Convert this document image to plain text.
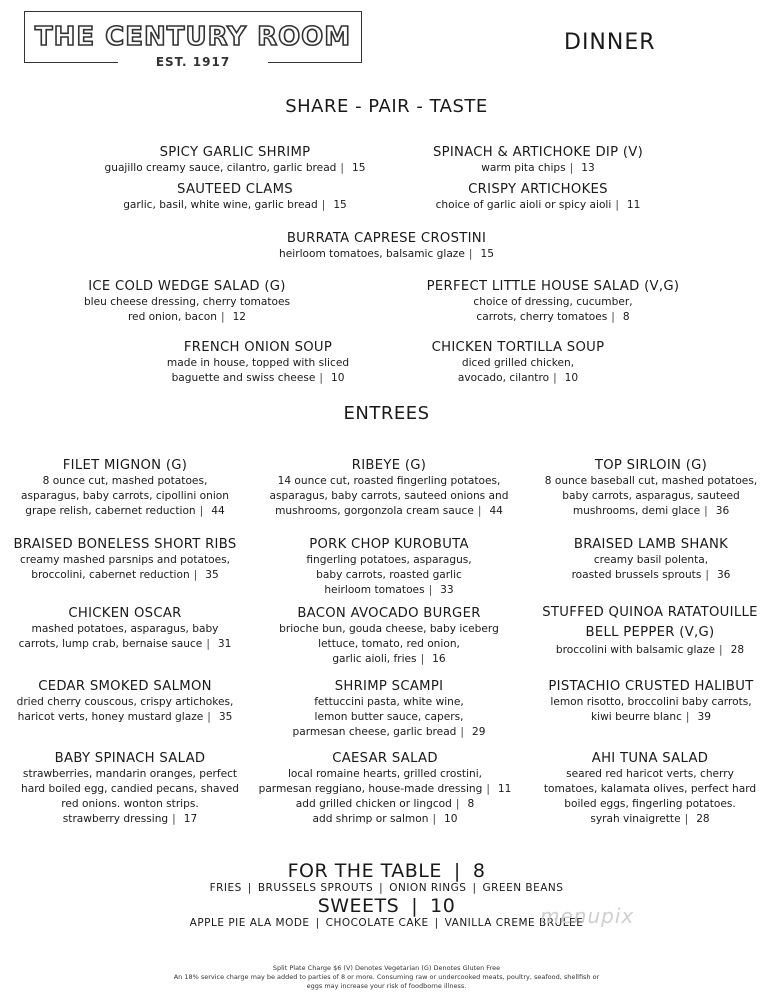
THE CENTURY ROOM
EST. 1917
DINNER
SHARE - PAIR - TASTE
SPICY GARLIC SHRIMP
guajillo creamy sauce, cilantro, garlic bread | 15
SPINACH & ARTICHOKE DIP (V)
warm pita chips | 13
SAUTEED CLAMS
garlic, basil, white wine, garlic bread | 15
CRISPY ARTICHOKES
choice of garlic aioli or spicy aioli | 11
BURRATA CAPRESE CROSTINI
heirloom tomatoes, balsamic glaze | 15
ICE COLD WEDGE SALAD (G)
bleu cheese dressing, cherry tomatoes
red onion, bacon | 12
PERFECT LITTLE HOUSE SALAD (V,G)
choice of dressing, cucumber,
carrots, cherry tomatoes | 8
FRENCH ONION SOUP
made in house, topped with sliced
baguette and swiss cheese | 10
CHICKEN TORTILLA SOUP
diced grilled chicken,
avocado, cilantro | 10
ENTREES
FILET MIGNON (G)
8 ounce cut, mashed potatoes,
asparagus, baby carrots, cipollini onion
grape relish, cabernet reduction | 44
RIBEYE (G)
14 ounce cut, roasted fingerling potatoes,
asparagus, baby carrots, sauteed onions and
mushrooms, gorgonzola cream sauce | 44
TOP SIRLOIN (G)
8 ounce baseball cut, mashed potatoes,
baby carrots, asparagus, sauteed
mushrooms, demi glace | 36
BRAISED BONELESS SHORT RIBS
creamy mashed parsnips and potatoes,
broccolini, cabernet reduction | 35
PORK CHOP KUROBUTA
fingerling potatoes, asparagus,
baby carrots, roasted garlic
heirloom tomatoes | 33
BRAISED LAMB SHANK
creamy basil polenta,
roasted brussels sprouts | 36
CHICKEN OSCAR
mashed potatoes, asparagus, baby
carrots, lump crab, bernaise sauce | 31
BACON AVOCADO BURGER
brioche bun, gouda cheese, baby iceberg
lettuce, tomato, red onion,
garlic aioli, fries | 16
STUFFED QUINOA RATATOUILLE
BELL PEPPER (V,G)
broccolini with balsamic glaze | 28
CEDAR SMOKED SALMON
dried cherry couscous, crispy artichokes,
haricot verts, honey mustard glaze | 35
SHRIMP SCAMPI
fettuccini pasta, white wine,
lemon butter sauce, capers,
parmesan cheese, garlic bread | 29
PISTACHIO CRUSTED HALIBUT
lemon risotto, broccolini baby carrots,
kiwi beurre blanc | 39
BABY SPINACH SALAD
strawberries, mandarin oranges, perfect
hard boiled egg, candied pecans, shaved
red onions. wonton strips.
strawberry dressing | 17
CAESAR SALAD
local romaine hearts, grilled crostini,
parmesan reggiano, house-made dressing | 11
add grilled chicken or lingcod | 8
add shrimp or salmon | 10
AHI TUNA SALAD
seared red haricot verts, cherry
tomatoes, kalamata olives, perfect hard
boiled eggs, fingerling potatoes.
syrah vinaigrette | 28
FOR THE TABLE | 8
FRIES | BRUSSELS SPROUTS | ONION RINGS | GREEN BEANS
SWEETS | 10
APPLE PIE ALA MODE | CHOCOLATE CAKE | VANILLA CREME BRULEE
menupix
Split Plate Charge $6 (V) Denotes Vegetarian (G) Denotes Gluten Free
An 18% service charge may be added to parties of 8 or more. Consuming raw or undercooked meats, poultry, seafood, shellfish or
eggs may increase your risk of foodborne illness.
